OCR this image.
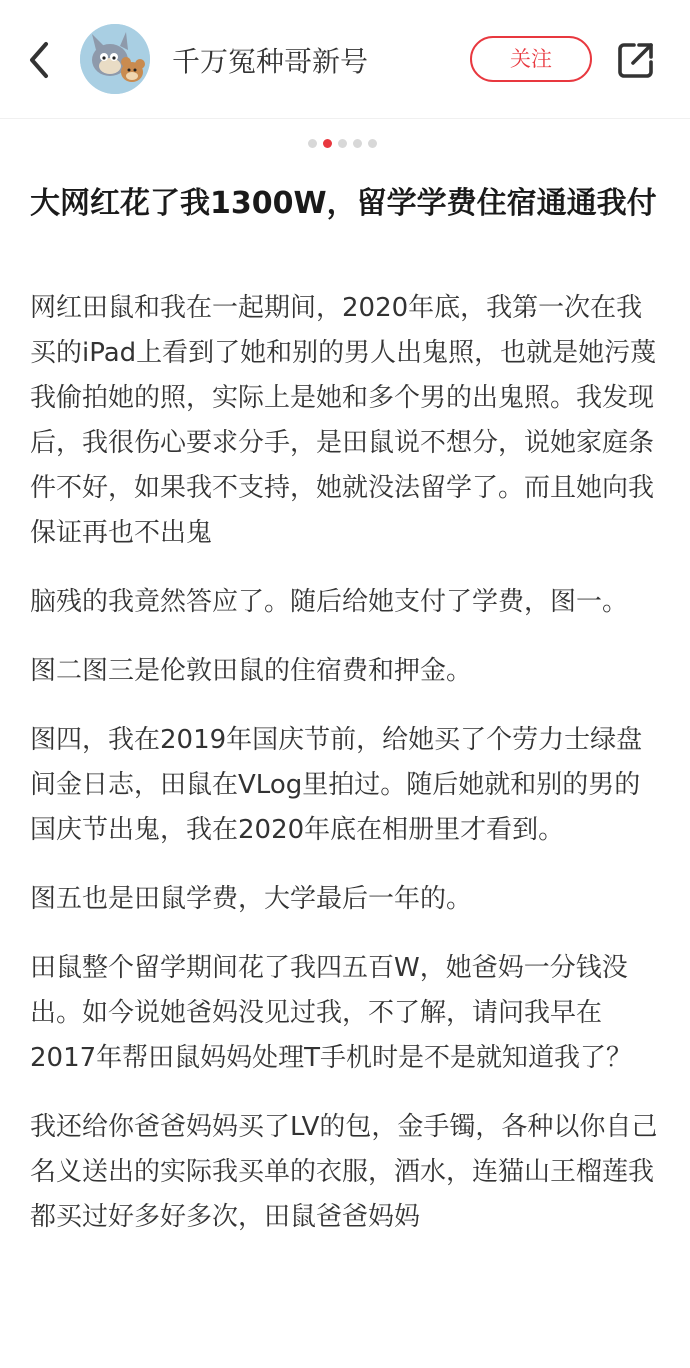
千万冤种哥新号	关注
大网红花了我1300W，留学学费住宿通通我付

网红田鼠和我在一起期间，2020年底，我第一次在我买的iPad上看到了她和别的男人出鬼照，也就是她污蔑我偷拍她的照，实际上是她和多个男的出鬼照。我发现后，我很伤心要求分手，是田鼠说不想分，说她家庭条件不好，如果我不支持，她就没法留学了。而且她向我保证再也不出鬼

脑残的我竟然答应了。随后给她支付了学费，图一。

图二图三是伦敦田鼠的住宿费和押金。

图四，我在2019年国庆节前，给她买了个劳力士绿盘间金日志，田鼠在VLog里拍过。随后她就和别的男的国庆节出鬼，我在2020年底在相册里才看到。

图五也是田鼠学费，大学最后一年的。

田鼠整个留学期间花了我四五百W，她爸妈一分钱没出。如今说她爸妈没见过我，不了解，请问我早在2017年帮田鼠妈妈处理T手机时是不是就知道我了？

我还给你爸爸妈妈买了LV的包，金手镯，各种以你自己名义送出的实际我买单的衣服，酒水，连猫山王榴莲我都买过好多好多次，田鼠爸爸妈妈
